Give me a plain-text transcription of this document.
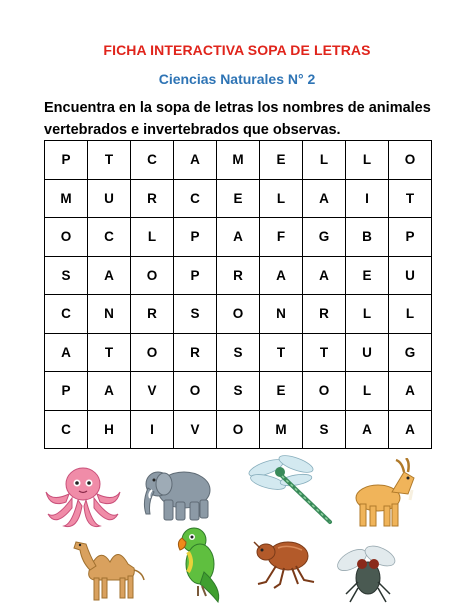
FICHA INTERACTIVA SOPA DE LETRAS
Ciencias Naturales N° 2
Encuentra en la sopa de letras los nombres de animales
vertebrados e invertebrados que observas.
P	T	C	A	M	E	L	L	O
M	U	R	C	E	L	A	I	T
O	C	L	P	A	F	G	B	P
S	A	O	P	R	A	A	E	U
C	N	R	S	O	N	R	L	L
A	T	O	R	S	T	T	U	G
P	A	V	O	S	E	O	L	A
C	H	I	V	O	M	S	A	A
